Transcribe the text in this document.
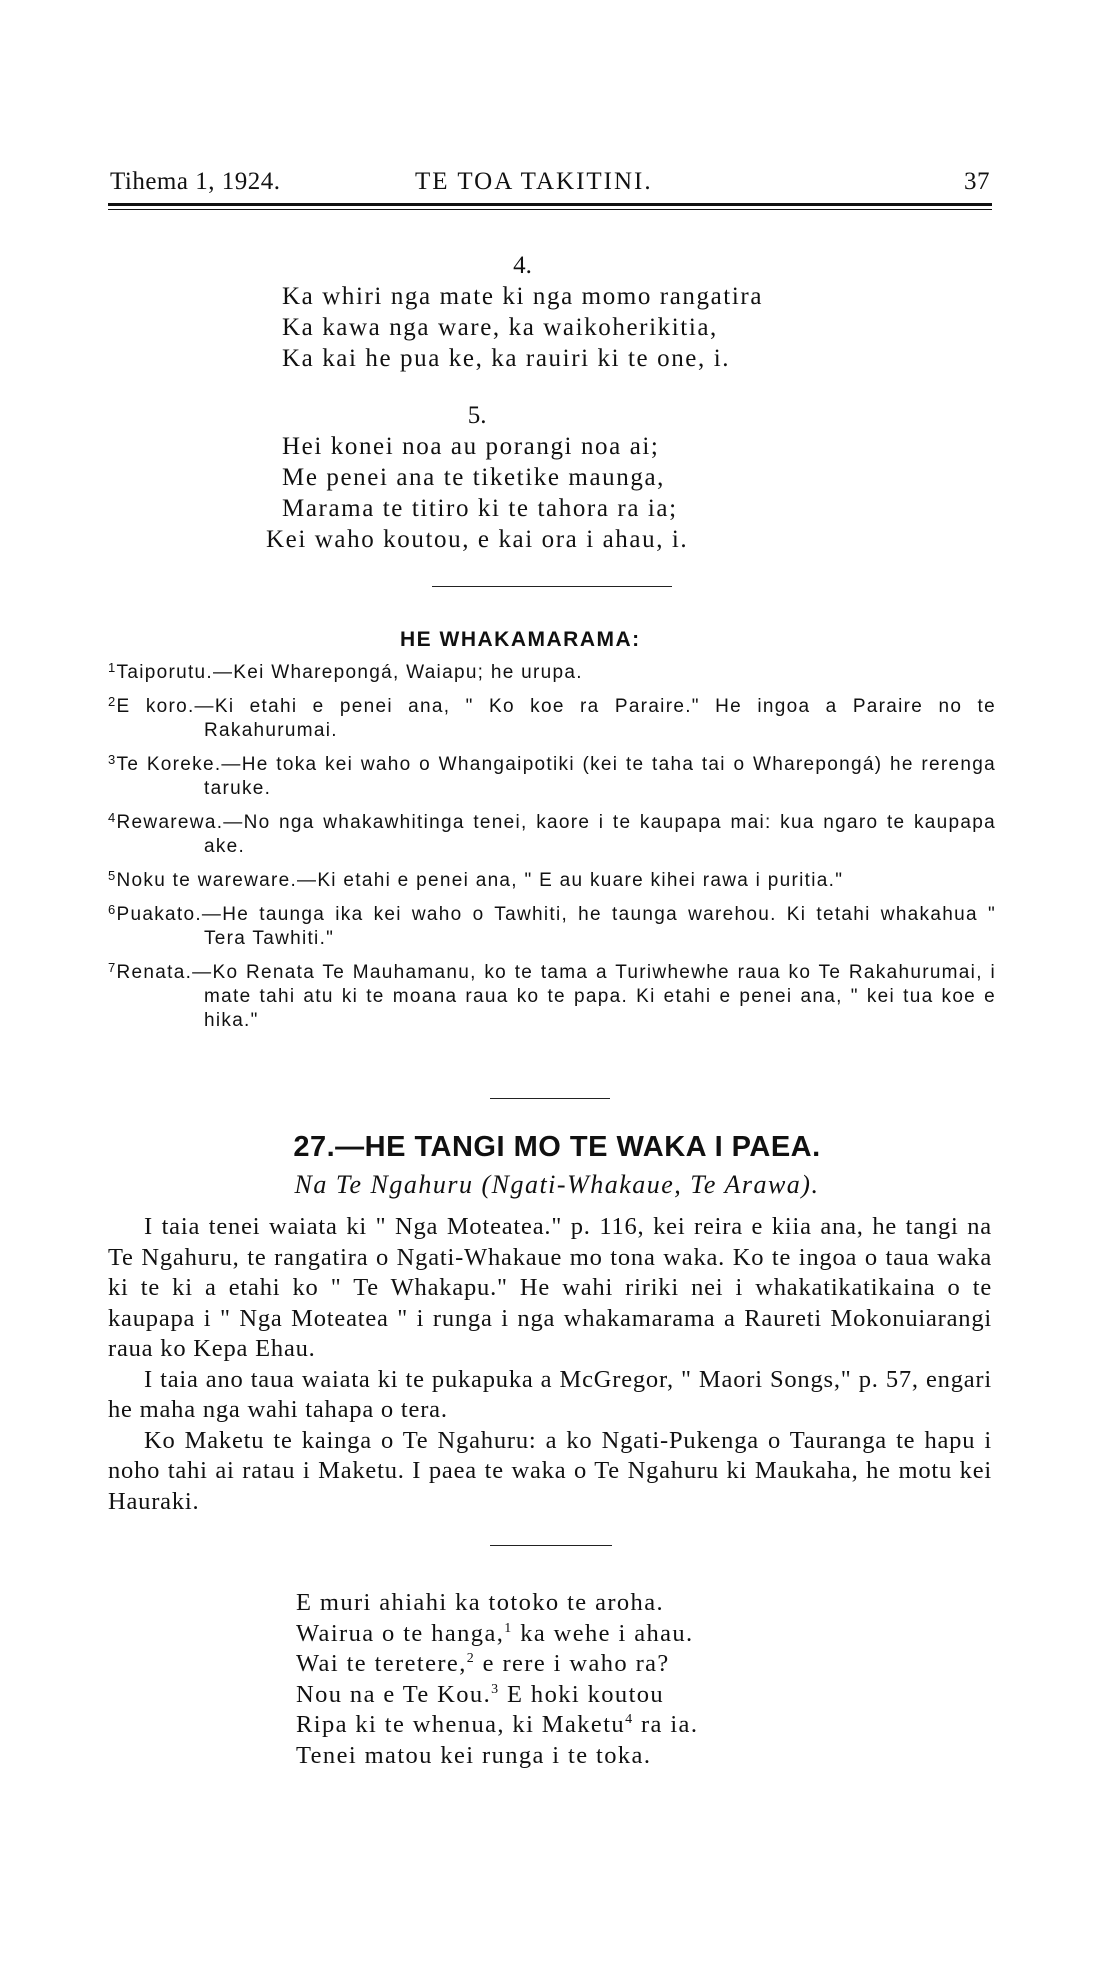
Tihema 1, 1924.	TE TOA TAKITINI.	37
4.
Ka whiri nga mate ki nga momo rangatira
Ka kawa nga ware, ka waikoherikitia,
Ka kai he pua ke, ka rauiri ki te one, i.
5.
Hei konei noa au porangi noa ai;
Me penei ana te tiketike maunga,
Marama te titiro ki te tahora ra ia;
Kei waho koutou, e kai ora i ahau, i.
HE WHAKAMARAMA:
$^1$Taiporutu.—Kei Wharepongá, Waiapu; he urupa.
$^2$E koro.—Ki etahi e penei ana, " Ko koe ra Paraire." He ingoa a Paraire no te Rakahurumai.
$^3$Te Koreke.—He toka kei waho o Whangaipotiki (kei te taha tai o Wharepongá) he rerenga taruke.
$^4$Rewarewa.—No nga whakawhitinga tenei, kaore i te kaupapa mai: kua ngaro te kaupapa ake.
$^5$Noku te wareware.—Ki etahi e penei ana, " E au kuare kihei rawa i puritia."
$^6$Puakato.—He taunga ika kei waho o Tawhiti, he taunga warehou. Ki tetahi whakahua " Tera Tawhiti."
$^7$Renata.—Ko Renata Te Mauhamanu, ko te tama a Turiwhewhe raua ko Te Rakahurumai, i mate tahi atu ki te moana raua ko te papa. Ki etahi e penei ana, " kei tua koe e hika."
27.—HE TANGI MO TE WAKA I PAEA.
Na Te Ngahuru (Ngati-Whakaue, Te Arawa).

I taia tenei waiata ki " Nga Moteatea." p. 116, kei reira e kiia ana, he tangi na Te Ngahuru, te rangatira o Ngati-Whakaue mo tona waka. Ko te ingoa o taua waka ki te ki a etahi ko " Te Whakapu." He wahi ririki nei i whakatikatikaina o te kaupapa i " Nga Moteatea " i runga i nga whakamarama a Raureti Mokonuiarangi raua ko Kepa Ehau.

I taia ano taua waiata ki te pukapuka a McGregor, " Maori Songs," p. 57, engari he maha nga wahi tahapa o tera.

Ko Maketu te kainga o Te Ngahuru: a ko Ngati-Pukenga o Tauranga te hapu i noho tahi ai ratau i Maketu. I paea te waka o Te Ngahuru ki Maukaha, he motu kei Hauraki.

E muri ahiahi ka totoko te aroha.
Wairua o te hanga,$^1$ ka wehe i ahau.
Wai te teretere,$^2$ e rere i waho ra?
Nou na e Te Kou.$^3$ E hoki koutou
Ripa ki te whenua, ki Maketu$^4$ ra ia.
Tenei matou kei runga i te toka.
